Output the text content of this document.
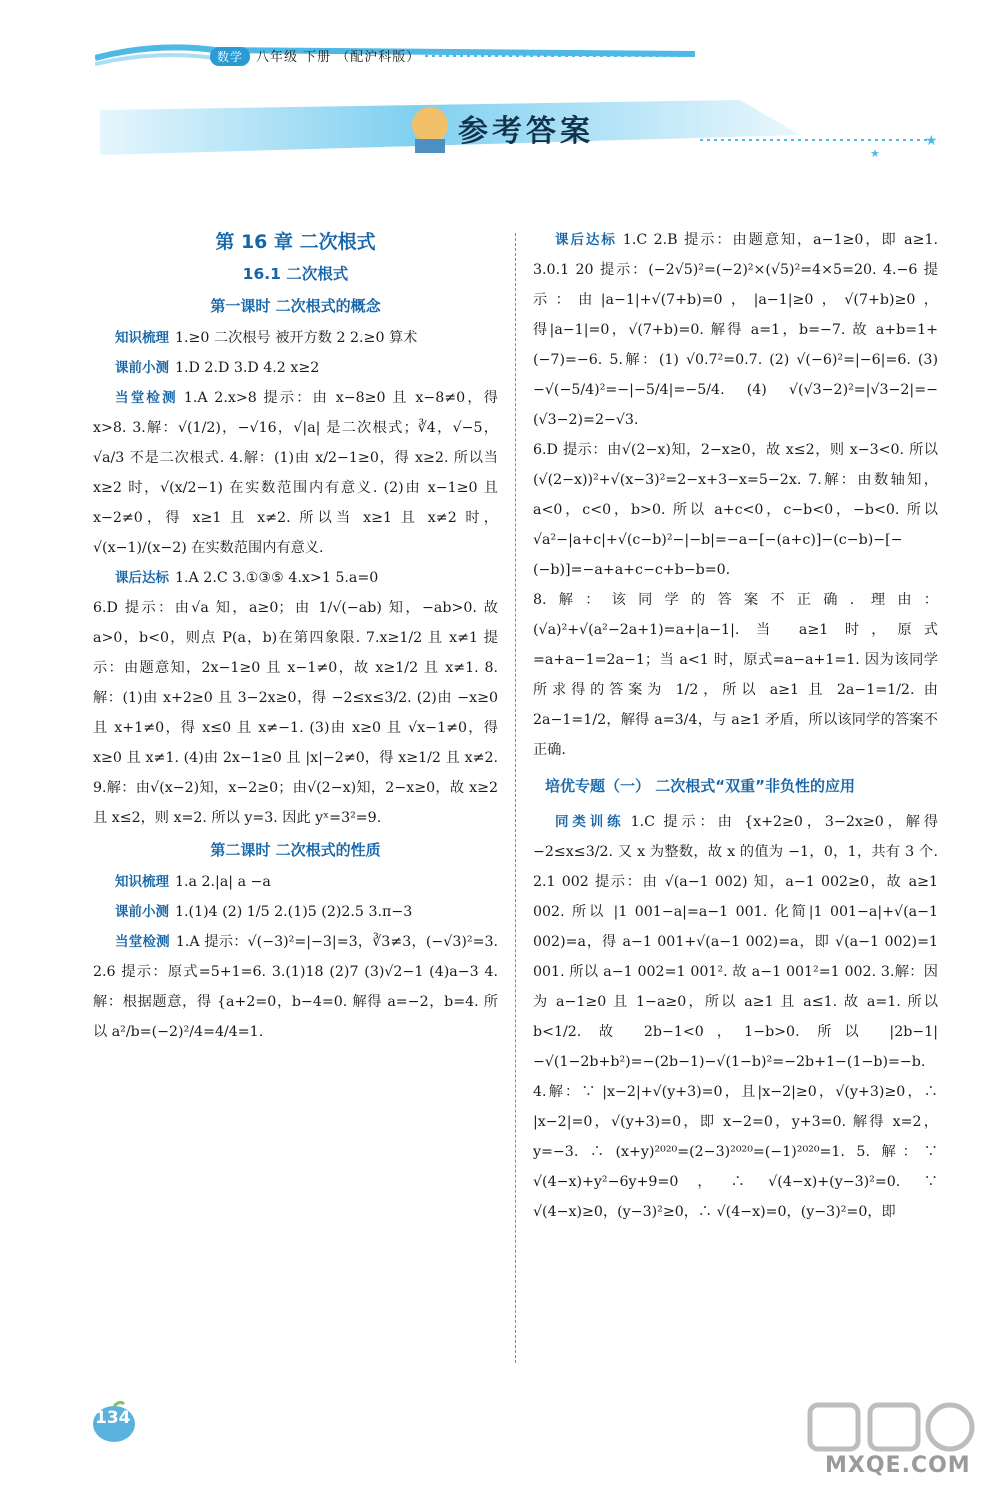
数学 八年级 下册 （配沪科版）
★
★
参考答案
第 16 章 二次根式
16.1 二次根式
第一课时 二次根式的概念

知识梳理 1.≥0 二次根号 被开方数 2 2.≥0 算术

课前小测 1.D 2.D 3.D 4.2 x≥2

当堂检测 1.A 2.x>8 提示：由 x−8≥0 且 x−8≠0，得 x>8. 3.解：√(1/2)，−√16，√|a| 是二次根式；∛4，√−5，√a/3 不是二次根式. 4.解：(1)由 x/2−1≥0，得 x≥2. 所以当 x≥2 时，√(x/2−1) 在实数范围内有意义. (2)由 x−1≥0 且 x−2≠0，得 x≥1 且 x≠2. 所以当 x≥1 且 x≠2 时，√(x−1)/(x−2) 在实数范围内有意义.

课后达标 1.A 2.C 3.①③⑤ 4.x>1 5.a=0

6.D 提示：由√a 知，a≥0；由 1/√(−ab) 知，−ab>0. 故 a>0，b<0，则点 P(a，b)在第四象限. 7.x≥1/2 且 x≠1 提示：由题意知，2x−1≥0 且 x−1≠0，故 x≥1/2 且 x≠1. 8.解：(1)由 x+2≥0 且 3−2x≥0，得 −2≤x≤3/2. (2)由 −x≥0 且 x+1≠0，得 x≤0 且 x≠−1. (3)由 x≥0 且 √x−1≠0，得 x≥0 且 x≠1. (4)由 2x−1≥0 且 |x|−2≠0，得 x≥1/2 且 x≠2. 9.解：由√(x−2)知，x−2≥0；由√(2−x)知，2−x≥0，故 x≥2 且 x≤2，则 x=2. 所以 y=3. 因此 yˣ=3²=9.

第二课时 二次根式的性质

知识梳理 1.a 2.|a| a −a

课前小测 1.(1)4 (2) 1/5 2.(1)5 (2)2.5 3.π−3

当堂检测 1.A 提示：√(−3)²=|−3|=3，∛3≠3，(−√3)²=3. 2.6 提示：原式=5+1=6. 3.(1)18 (2)7 (3)√2−1 (4)a−3 4.解：根据题意，得 {a+2=0，b−4=0. 解得 a=−2，b=4. 所以 a²/b=(−2)²/4=4/4=1.

课后达标 1.C 2.B 提示：由题意知，a−1≥0，即 a≥1. 3.0.1 20 提示：(−2√5)²=(−2)²×(√5)²=4×5=20. 4.−6 提示：由|a−1|+√(7+b)=0，|a−1|≥0，√(7+b)≥0，得|a−1|=0，√(7+b)=0. 解得 a=1，b=−7. 故 a+b=1+(−7)=−6. 5.解：(1) √0.7²=0.7. (2) √(−6)²=|−6|=6. (3) −√(−5/4)²=−|−5/4|=−5/4. (4) √(√3−2)²=|√3−2|=−(√3−2)=2−√3.

6.D 提示：由√(2−x)知，2−x≥0，故 x≤2，则 x−3<0. 所以 (√(2−x))²+√(x−3)²=2−x+3−x=5−2x. 7.解：由数轴知，a<0，c<0，b>0. 所以 a+c<0，c−b<0，−b<0. 所以 √a²−|a+c|+√(c−b)²−|−b|=−a−[−(a+c)]−(c−b)−[−(−b)]=−a+a+c−c+b−b=0.

8.解：该同学的答案不正确. 理由：(√a)²+√(a²−2a+1)=a+|a−1|. 当 a≥1 时，原式=a+a−1=2a−1；当 a<1 时，原式=a−a+1=1. 因为该同学所求得的答案为 1/2，所以 a≥1 且 2a−1=1/2. 由 2a−1=1/2，解得 a=3/4，与 a≥1 矛盾，所以该同学的答案不正确.

培优专题（一） 二次根式“双重”非负性的应用

同类训练 1.C 提示：由 {x+2≥0，3−2x≥0，解得 −2≤x≤3/2. 又 x 为整数，故 x 的值为 −1，0，1，共有 3 个. 2.1 002 提示：由 √(a−1 002) 知，a−1 002≥0，故 a≥1 002. 所以 |1 001−a|=a−1 001. 化简|1 001−a|+√(a−1 002)=a，得 a−1 001+√(a−1 002)=a，即 √(a−1 002)=1 001. 所以 a−1 002=1 001². 故 a−1 001²=1 002. 3.解：因为 a−1≥0 且 1−a≥0，所以 a≥1 且 a≤1. 故 a=1. 所以 b<1/2. 故 2b−1<0，1−b>0. 所以 |2b−1|−√(1−2b+b²)=−(2b−1)−√(1−b)²=−2b+1−(1−b)=−b. 4.解：∵ |x−2|+√(y+3)=0，且|x−2|≥0，√(y+3)≥0，∴ |x−2|=0，√(y+3)=0，即 x−2=0，y+3=0. 解得 x=2，y=−3. ∴ (x+y)²⁰²⁰=(2−3)²⁰²⁰=(−1)²⁰²⁰=1. 5. 解：∵ √(4−x)+y²−6y+9=0，∴ √(4−x)+(y−3)²=0. ∵ √(4−x)≥0，(y−3)²≥0，∴ √(4−x)=0，(y−3)²=0，即

134
MXQE.COM
